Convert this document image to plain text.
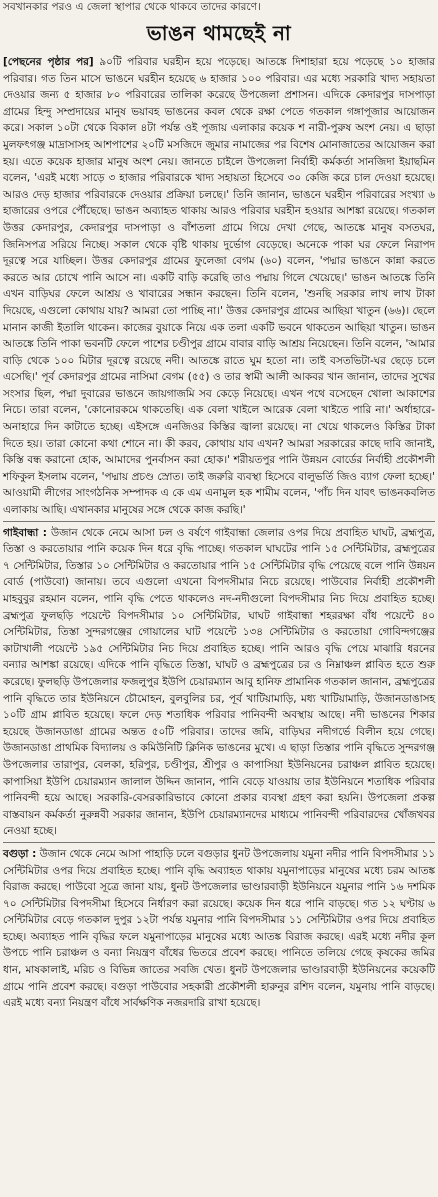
সবখানকার পরও এ জেলা স্থাপার থেকে থাকবে তাদের কারণে।
ভাঙন থামছেই না

[পেছনের পৃষ্ঠার পর] ৯০টি পরিবার ঘরহীন হয়ে পড়েছে। আতঙ্কে দিশাহারা হয়ে পড়েছে ১০ হাজার পরিবার। গত তিন মাসে ভাঙনে ঘরহীন হয়েছে ৬ হাজার ১০০ পরিবার। এর মধ্যে সরকারি খাদ্য সহায়তা দেওয়ার জন্য ৫ হাজার ৮০ পরিবারের তালিকা করেছে উপজেলা প্রশাসন। এদিকে কেদারপুর দাসপাড়া গ্রামের হিন্দু সম্প্রদায়ের মানুষ ভয়াবহ ভাঙনের কবল থেকে রক্ষা পেতে গতকাল গঙ্গাপূজার আয়োজন করে। সকাল ১০টা থেকে বিকাল ৪টা পর্যন্ত ওই পূজায় এলাকার কয়েক শ নারী-পুরুষ অংশ নেয়। এ ছাড়া মুলফৎগঞ্জ মাদ্রাসাসহ আশপাশের ২০টি মসজিদে জুমার নামাজের পর বিশেষ মোনাজাতের আয়োজন করা হয়। এতে কয়েক হাজার মানুষ অংশ নেয়। জানতে চাইলে উপজেলা নির্বাহী কর্মকর্তা সানজিদা ইয়াছমিন বলেন, 'এরই মধ্যে সাড়ে ৩ হাজার পরিবারকে খাদ্য সহায়তা হিসেবে ৩০ কেজি করে চাল দেওয়া হয়েছে। আরও দেড় হাজার পরিবারকে দেওয়ার প্রক্রিয়া চলছে।' তিনি জানান, ভাঙনে ঘরহীন পরিবারের সংখ্যা ৬ হাজারের ওপরে পৌঁছেছে। ভাঙন অব্যাহত থাকায় আরও পরিবার ঘরহীন হওয়ার আশঙ্কা রয়েছে। গতকাল উত্তর কেদারপুর, কেদারপুর দাসপাড়া ও বাঁশতলা গ্রামে গিয়ে দেখা গেছে, আতঙ্কে মানুষ বসতঘর, জিনিসপত্র সরিয়ে নিচ্ছে। সকাল থেকে বৃষ্টি থাকায় দুর্ভোগ বেড়েছে। অনেকে পাকা ঘর ফেলে নিরাপদ দূরত্বে সরে যাচ্ছিল। উত্তর কেদারপুর গ্রামের ফুলেজা বেগম (৬০) বলেন, 'পদ্মার ভাঙনে কান্না করতে করতে আর চোখে পানি আসে না। একটি বাড়ি করেছি তাও পদ্মায় গিলে খেয়েছে।' ভাঙন আতঙ্কে তিনি এখন বাড়িঘর ফেলে আশ্রয় ও খাবারের সন্ধান করছেন। তিনি বলেন, 'শুনছি সরকার লাখ লাখ টাকা দিয়েছে, এগুলো কোথায় যায়? আমরা তো পাচ্ছি না।' উত্তর কেদারপুর গ্রামের আছিয়া খাতুন (৬৬)। ছেলে মানান কাজী ইতালি থাকেন। কাজের বুয়াকে নিয়ে এক তলা একটি ভবনে থাকতেন আছিয়া খাতুন। ভাঙন আতঙ্কে তিনি পাকা ভবনটি ফেলে পাশের চণ্ডীপুর গ্রামে বাবার বাড়ি আশ্রয় নিয়েছেন। তিনি বলেন, 'আমার বাড়ি থেকে ১০০ মিটার দূরত্বে রয়েছে নদী। আতঙ্কে রাতে ঘুম হতো না। তাই বসতভিটা-ঘর ছেড়ে চলে এসেছি।' পূর্ব কেদারপুর গ্রামের নাসিমা বেগম (৫৫) ও তার স্বামী আলী আকবর খান জানান, তাদের সুখের সংসার ছিল, পদ্মা দুবারের ভাঙনে জায়গাজমি সব কেড়ে নিয়েছে। এখন পথে বসেছেন খোলা আকাশের নিচে। তারা বলেন, 'কোনোরকমে থাকতেছি। এক বেলা খাইলে আরেক বেলা খাইতে পারি না।' অর্ধাহারে-অনাহারে দিন কাটাতে হচ্ছে। এইসঙ্গে এনজিওর কিস্তির জ্বালা রয়েছে। না খেয়ে থাকলেও কিস্তির টাকা দিতে হয়। তারা কোনো কথা শোনে না। কী করব, কোথায় যাব এখন? আমরা সরকারের কাছে দাবি জানাই, কিস্তি বন্ধ করানো হোক, আমাদের পুনর্বাসন করা হোক।' শরীয়তপুর পানি উন্নয়ন বোর্ডের নির্বাহী প্রকৌশলী শফিকুল ইসলাম বলেন, 'পদ্মায় প্রচণ্ড স্রোত। তাই জরুরি ব্যবস্থা হিসেবে বালুভর্তি জিও ব্যাগ ফেলা হচ্ছে।' আওয়ামী লীগের সাংগঠনিক সম্পাদক এ কে এম এনামুল হক শামীম বলেন, 'পাঁচ দিন যাবৎ ভাঙনকবলিত এলাকায় আছি। এখানকার মানুষের সঙ্গে থেকে কাজ করছি।'

গাইবান্ধা : উজান থেকে নেমে আসা ঢল ও বর্ষণে গাইবান্ধা জেলার ওপর দিয়ে প্রবাহিত ঘাঘট, ব্রহ্মপুত্র, তিস্তা ও করতোয়ার পানি কয়েক দিন ধরে বৃদ্ধি পাচ্ছে। গতকাল ঘাঘটের পানি ১৫ সেন্টিমিটার, ব্রহ্মপুত্রের ৭ সেন্টিমিটার, তিস্তার ১০ সেন্টিমিটার ও করতোয়ার পানি ১৫ সেন্টিমিটার বৃদ্ধি পেয়েছে বলে পানি উন্নয়ন বোর্ড (পাউবো) জানায়। তবে এগুলো এখনো বিপদসীমার নিচে রয়েছে। পাউবোর নির্বাহী প্রকৌশলী মাহবুবুর রহমান বলেন, পানি বৃদ্ধি পেতে থাকলেও নদ-নদীগুলো বিপদসীমার নিচ দিয়ে প্রবাহিত হচ্ছে। ব্রহ্মপুত্র ফুলছড়ি পয়েন্টে বিপদসীমার ১০ সেন্টিমিটার, ঘাঘট গাইবান্ধা শহররক্ষা বাঁধ পয়েন্টে ৪০ সেন্টিমিটার, তিস্তা সুন্দরগঞ্জের গোয়ালের ঘাট পয়েন্টে ১৩৪ সেন্টিমিটার ও করতোয়া গোবিন্দগঞ্জের কাটাখালী পয়েন্টে ১৯৫ সেন্টিমিটার নিচ দিয়ে প্রবাহিত হচ্ছে। পানি আরও বৃদ্ধি পেয়ে মাঝারি ধরনের বন্যার আশঙ্কা রয়েছে। এদিকে পানি বৃদ্ধিতে তিস্তা, ঘাঘট ও ব্রহ্মপুত্রের চর ও নিম্নাঞ্চল প্লাবিত হতে শুরু করেছে। ফুলছড়ি উপজেলার ফজলুপুর ইউপি চেয়ারম্যান আবু হানিফ প্রামানিক গতকাল জানান, ব্রহ্মপুত্রের পানি বৃদ্ধিতে তার ইউনিয়নে চৌমোহন, বুলবুলির চর, পূর্ব খাটিয়ামাড়ি, মধ্য খাটিয়ামাড়ি, উজানডাঙাসহ ১০টি গ্রাম প্লাবিত হয়েছে। ফলে দেড় শতাধিক পরিবার পানিবন্দী অবস্থায় আছে। নদী ভাঙনের শিকার হয়েছে উজানডাঙা গ্রামের অন্তত ৫০টি পরিবার। তাদের জমি, বাড়িঘর নদীগর্ভে বিলীন হয়ে গেছে। উজানডাঙা প্রাথমিক বিদ্যালয় ও কমিউনিটি ক্লিনিক ভাঙনের মুখে। এ ছাড়া তিস্তার পানি বৃদ্ধিতে সুন্দরগঞ্জ উপজেলার তারাপুর, বেলকা, হরিপুর, চণ্ডীপুর, শ্রীপুর ও কাপাসিয়া ইউনিয়নের চরাঞ্চল প্লাবিত হয়েছে। কাপাসিয়া ইউপি চেয়ারম্যান জালাল উদ্দিন জানান, পানি বেড়ে যাওয়ায় তার ইউনিয়নে শতাধিক পরিবার পানিবন্দী হয়ে আছে। সরকারি-বেসরকারিভাবে কোনো প্রকার ব্যবস্থা গ্রহণ করা হয়নি। উপজেলা প্রকল্প বাস্তবায়ন কর্মকর্তা নুরুন্নবী সরকার জানান, ইউপি চেয়ারম্যানদের মাধ্যমে পানিবন্দী পরিবারদের খোঁজখবর নেওয়া হচ্ছে।

বগুড়া : উজান থেকে নেমে আসা পাহাড়ি ঢলে বগুড়ার ধুনট উপজেলায় যমুনা নদীর পানি বিপদসীমার ১১ সেন্টিমিটার ওপর দিয়ে প্রবাহিত হচ্ছে। পানি বৃদ্ধি অব্যাহত থাকায় যমুনাপাড়ের মানুষের মধ্যে চরম আতঙ্ক বিরাজ করছে। পাউবো সূত্রে জানা যায়, ধুনট উপজেলার ভাণ্ডারবাড়ী ইউনিয়নে যমুনার পানি ১৬ দশমিক ৭০ সেন্টিমিটার বিপদসীমা হিসেবে নির্ধারণ করা রয়েছে। কয়েক দিন ধরে পানি বাড়ছে। গত ১২ ঘণ্টায় ৬ সেন্টিমিটার বেড়ে গতকাল দুপুর ১২টা পর্যন্ত যমুনার পানি বিপদসীমার ১১ সেন্টিমিটার ওপর দিয়ে প্রবাহিত হচ্ছে। অব্যাহত পানি বৃদ্ধির ফলে যমুনাপাড়ের মানুষের মধ্যে আতঙ্ক বিরাজ করছে। এরই মধ্যে নদীর কূল উপচে পানি চরাঞ্চল ও বন্যা নিয়ন্ত্রণ বাঁধের ভিতরে প্রবেশ করছে। পানিতে তলিয়ে গেছে কৃষকের জমির ধান, মাষকালাই, মরিচ ও বিভিন্ন জাতের সবজি খেত। ধুনট উপজেলার ভাণ্ডারবাড়ী ইউনিয়নের কয়েকটি গ্রামে পানি প্রবেশ করছে। বগুড়া পাউবোর সহকারী প্রকৌশলী হারুনুর রশিদ বলেন, যমুনায় পানি বাড়ছে। এরই মধ্যে বন্যা নিয়ন্ত্রণ বাঁধে সার্বক্ষণিক নজরদারি রাখা হয়েছে।
